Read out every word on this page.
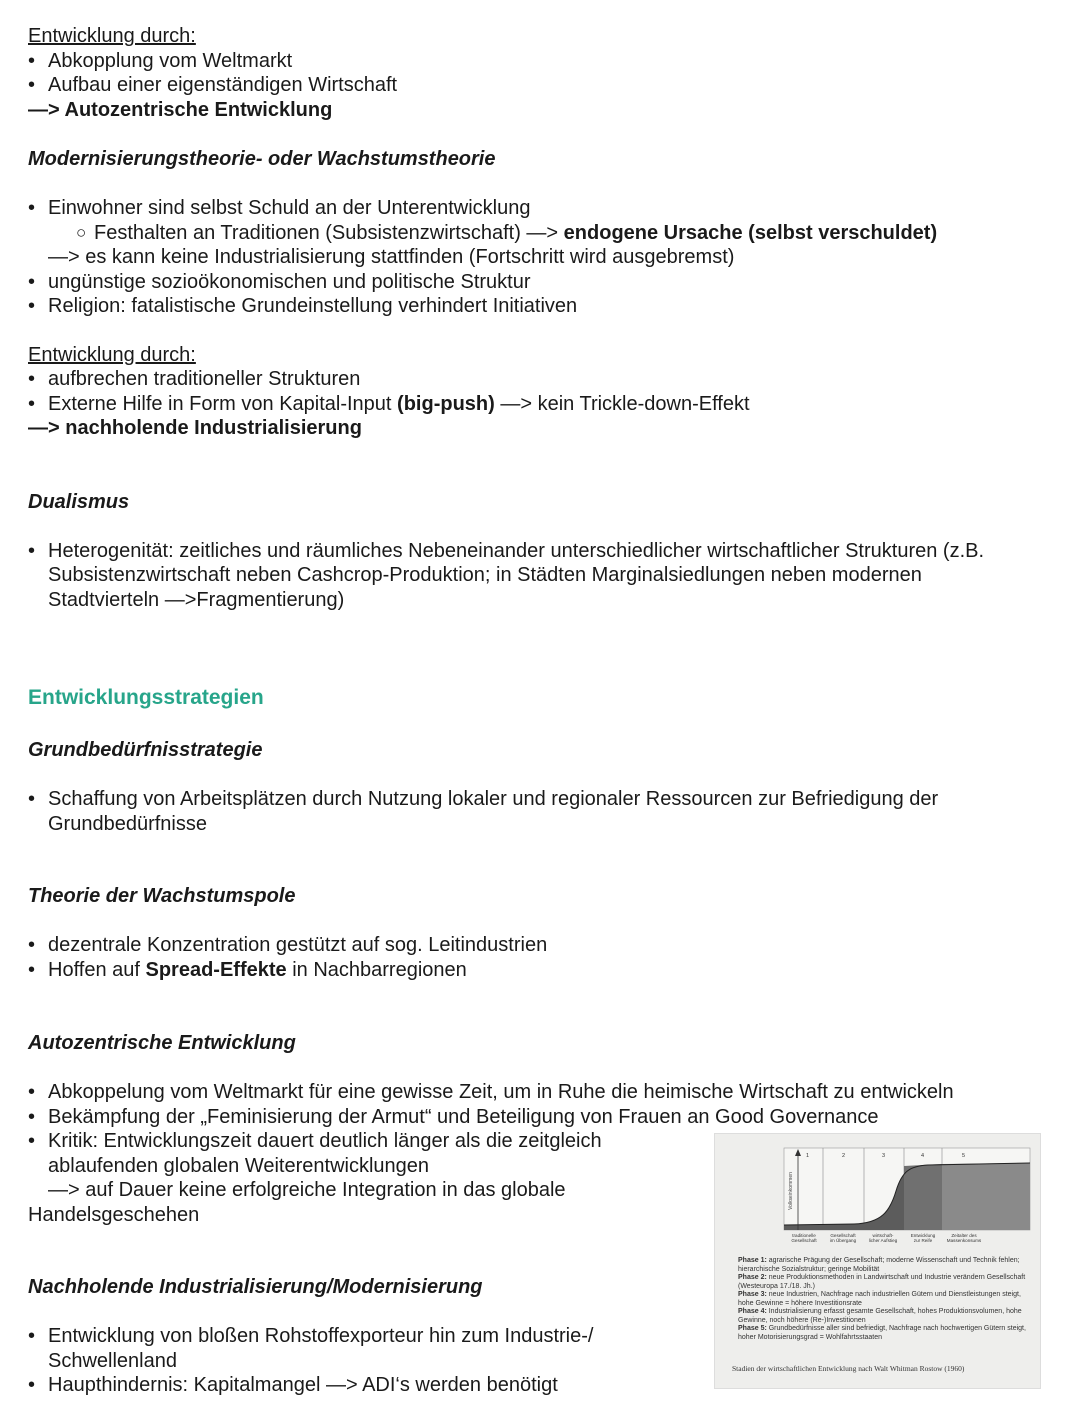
Entwicklung durch:
• Abkopplung vom Weltmarkt
• Aufbau einer eigenständigen Wirtschaft
—> Autozentrische Entwicklung
Modernisierungstheorie- oder Wachstumstheorie
• Einwohner sind selbst Schuld an der Unterentwicklung
○ Festhalten an Traditionen (Subsistenzwirtschaft) —> endogene Ursache (selbst verschuldet)
—> es kann keine Industrialisierung stattfinden (Fortschritt wird ausgebremst)
• ungünstige sozioökonomischen und politische Struktur
• Religion: fatalistische Grundeinstellung verhindert Initiativen
Entwicklung durch:
• aufbrechen traditioneller Strukturen
• Externe Hilfe in Form von Kapital-Input (big-push) —> kein Trickle-down-Effekt
—> nachholende Industrialisierung
Dualismus
• Heterogenität: zeitliches und räumliches Nebeneinander unterschiedlicher wirtschaftlicher Strukturen (z.B.
Subsistenzwirtschaft neben Cashcrop-Produktion; in Städten Marginalsiedlungen neben modernen
Stadtvierteln —>Fragmentierung)
Entwicklungsstrategien
Grundbedürfnisstrategie
• Schaffung von Arbeitsplätzen durch Nutzung lokaler und regionaler Ressourcen zur Befriedigung der
Grundbedürfnisse
Theorie der Wachstumspole
• dezentrale Konzentration gestützt auf sog. Leitindustrien
• Hoffen auf Spread-Effekte in Nachbarregionen
Autozentrische Entwicklung
• Abkoppelung vom Weltmarkt für eine gewisse Zeit, um in Ruhe die heimische Wirtschaft zu entwickeln
• Bekämpfung der „Feminisierung der Armut“ und Beteiligung von Frauen an Good Governance
• Kritik: Entwicklungszeit dauert deutlich länger als die zeitgleich
ablaufenden globalen Weiterentwicklungen
—> auf Dauer keine erfolgreiche Integration in das globale
Handelsgeschehen
Nachholende Industrialisierung/Modernisierung
• Entwicklung von bloßen Rohstoffexporteur hin zum Industrie-/
Schwellenland
• Haupthindernis: Kapitalmangel —> ADI‘s werden benötigt
Volkseinkommen
1	2	3	4	5
traditionelle
Gesellschaft
Gesellschaft
im Übergang
wirtschaft-
licher Aufstieg
Entwicklung
zur Reife
Zeitalter des
Massenkonsums

Phase 1: agrarische Prägung der Gesellschaft; moderne Wissenschaft und Technik fehlen; hierarchische Sozialstruktur; geringe Mobilität

Phase 2: neue Produktionsmethoden in Landwirtschaft und Industrie verändern Gesellschaft (Westeuropa 17./18. Jh.)

Phase 3: neue Industrien, Nachfrage nach industriellen Gütern und Dienstleistungen steigt, hohe Gewinne = höhere Investitionsrate

Phase 4: Industrialisierung erfasst gesamte Gesellschaft, hohes Produktionsvolumen, hohe Gewinne, noch höhere (Re-)Investitionen

Phase 5: Grundbedürfnisse aller sind befriedigt, Nachfrage nach hochwertigen Gütern steigt, hoher Motorisierungsgrad = Wohlfahrtsstaaten

Stadien der wirtschaftlichen Entwicklung nach Walt Whitman Rostow (1960)
